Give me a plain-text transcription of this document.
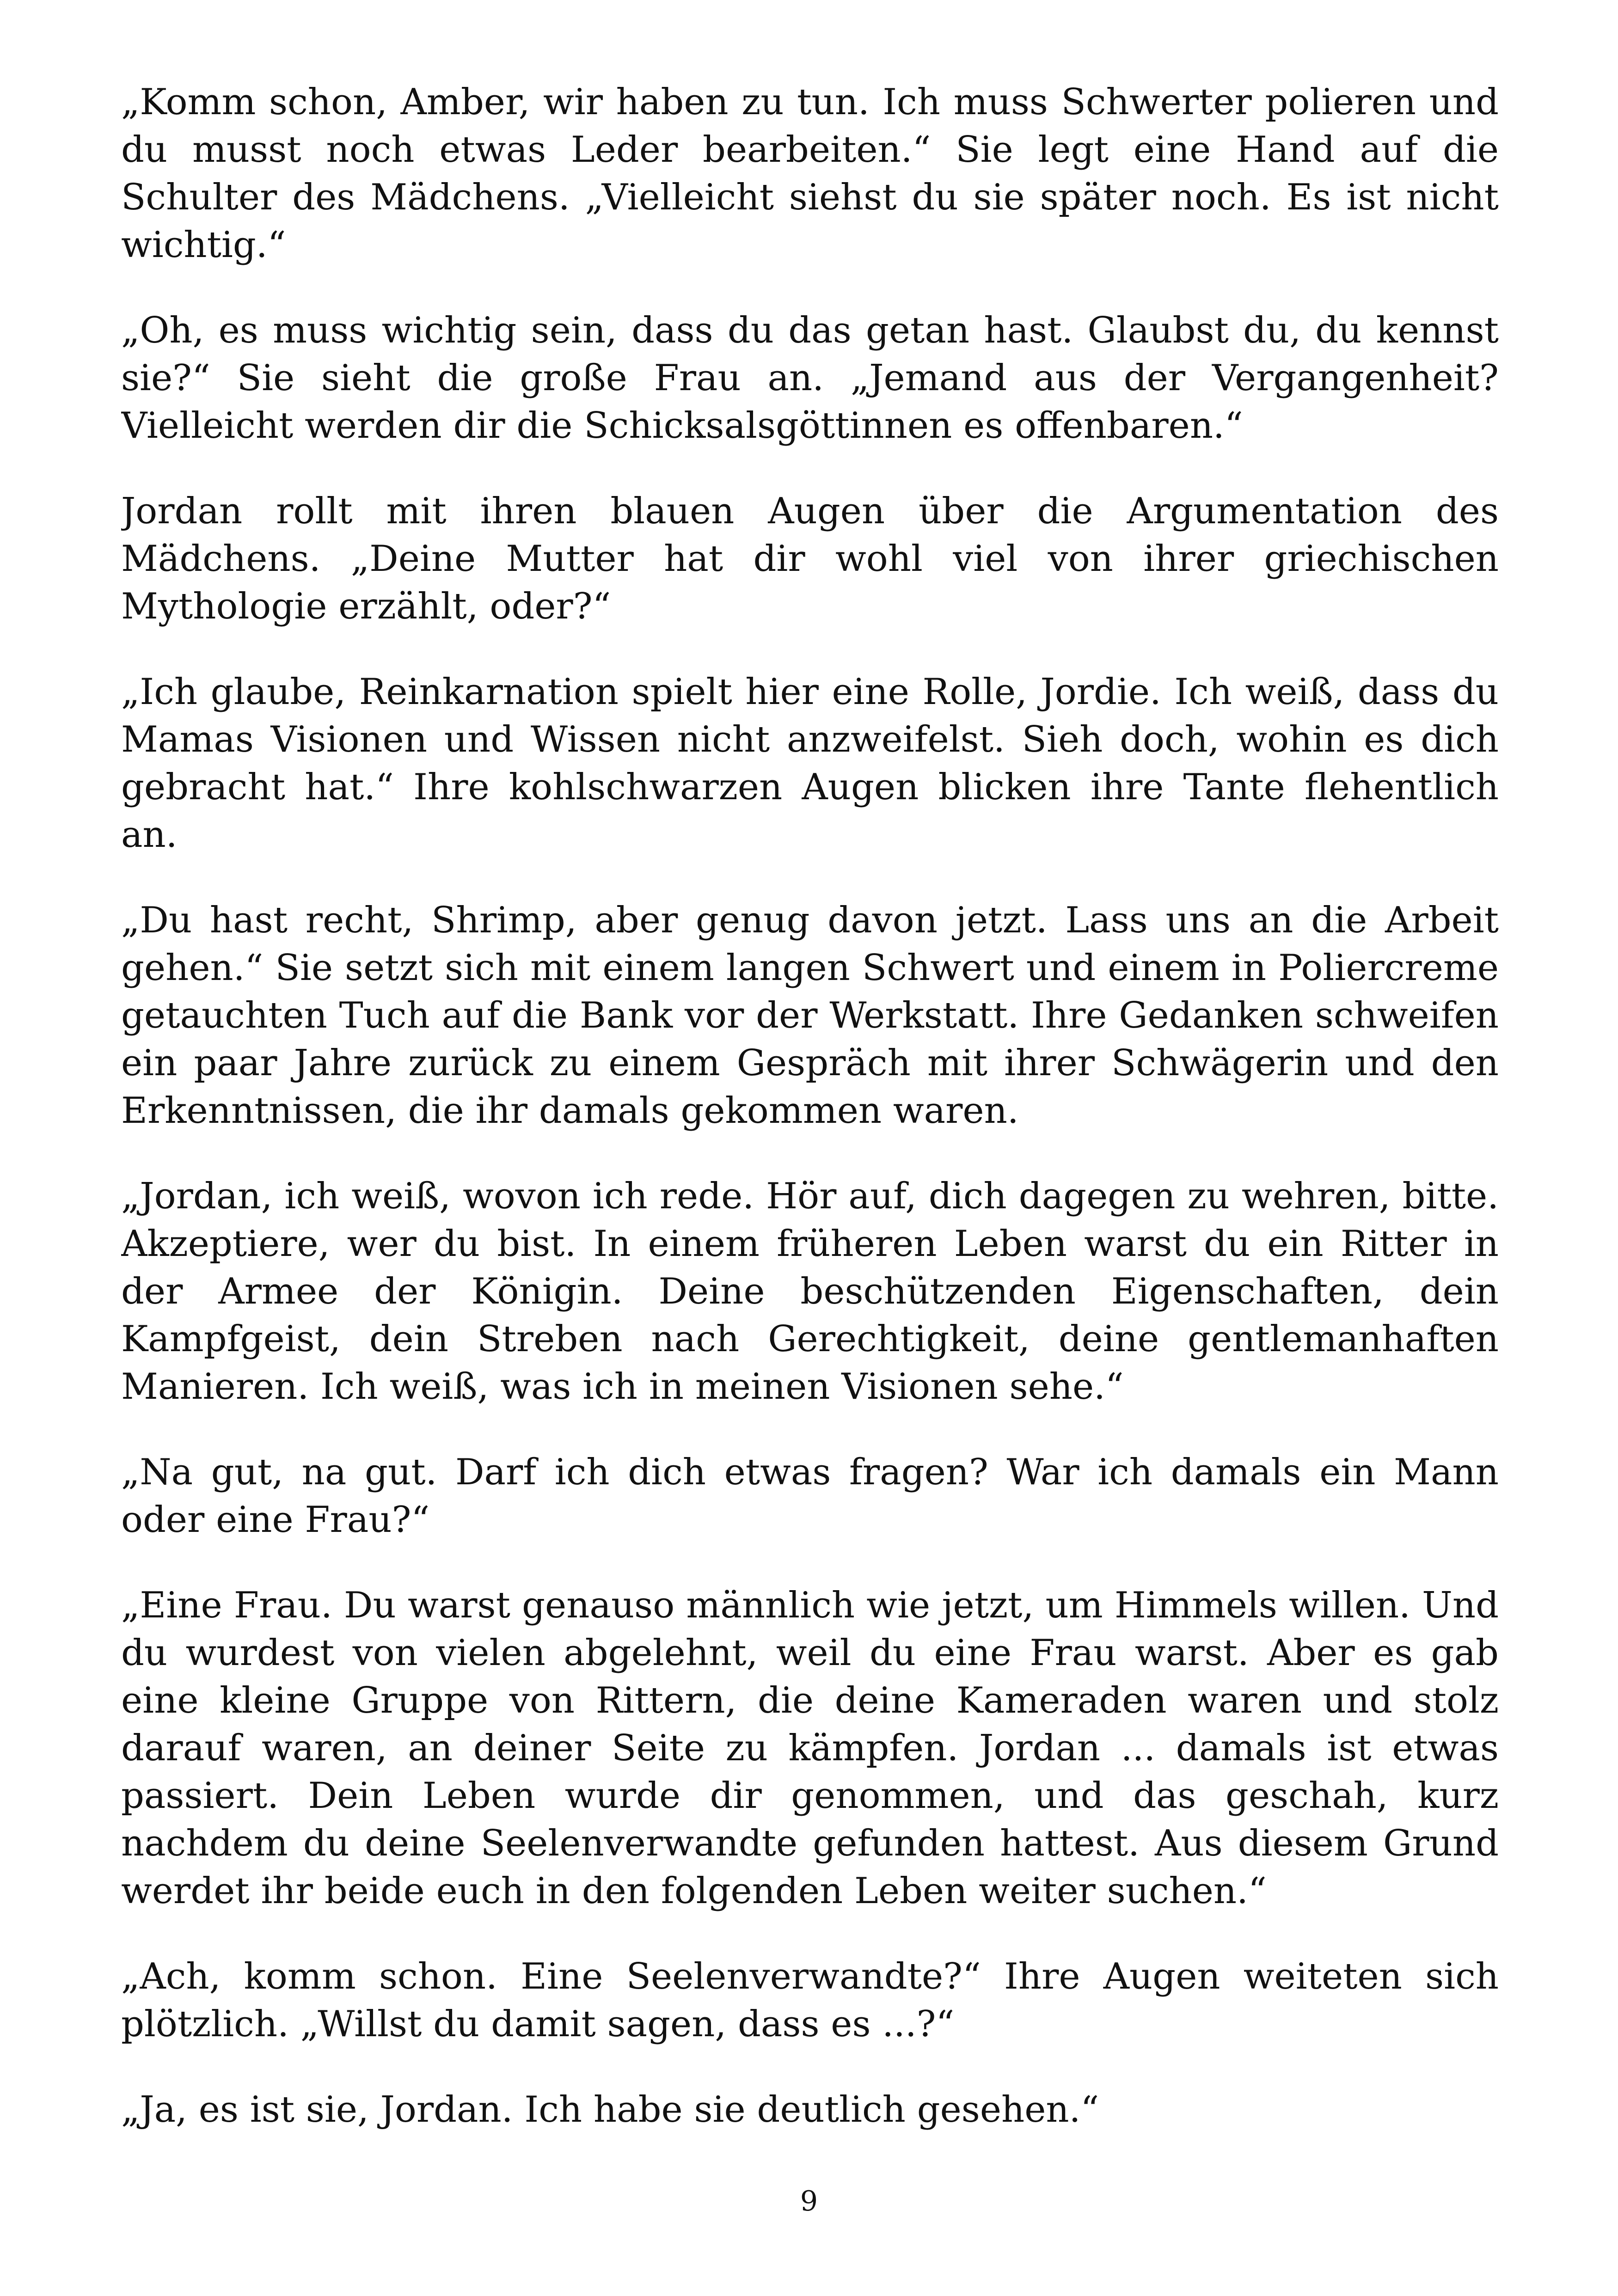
„Komm schon, Amber, wir haben zu tun. Ich muss Schwerter polieren und du musst noch etwas Leder bearbeiten.“ Sie legt eine Hand auf die Schulter des Mädchens. „Vielleicht siehst du sie später noch. Es ist nicht wichtig.“

„Oh, es muss wichtig sein, dass du das getan hast. Glaubst du, du kennst sie?“ Sie sieht die große Frau an. „Jemand aus der Vergangenheit? Vielleicht werden dir die Schicksalsgöttinnen es offenbaren.“

Jordan rollt mit ihren blauen Augen über die Argumentation des Mädchens. „Deine Mutter hat dir wohl viel von ihrer griechischen Mythologie erzählt, oder?“

„Ich glaube, Reinkarnation spielt hier eine Rolle, Jordie. Ich weiß, dass du Mamas Visionen und Wissen nicht anzweifelst. Sieh doch, wohin es dich gebracht hat.“ Ihre kohlschwarzen Augen blicken ihre Tante flehentlich an.

„Du hast recht, Shrimp, aber genug davon jetzt. Lass uns an die Arbeit gehen.“ Sie setzt sich mit einem langen Schwert und einem in Poliercreme getauchten Tuch auf die Bank vor der Werkstatt. Ihre Gedanken schweifen ein paar Jahre zurück zu einem Gespräch mit ihrer Schwägerin und den Erkenntnissen, die ihr damals gekommen waren.

„Jordan, ich weiß, wovon ich rede. Hör auf, dich dagegen zu wehren, bitte. Akzeptiere, wer du bist. In einem früheren Leben warst du ein Ritter in der Armee der Königin. Deine beschützenden Eigenschaften, dein Kampfgeist, dein Streben nach Gerechtigkeit, deine gentlemanhaften Manieren. Ich weiß, was ich in meinen Visionen sehe.“

„Na gut, na gut. Darf ich dich etwas fragen? War ich damals ein Mann oder eine Frau?“

„Eine Frau. Du warst genauso männlich wie jetzt, um Himmels willen. Und du wurdest von vielen abgelehnt, weil du eine Frau warst. Aber es gab eine kleine Gruppe von Rittern, die deine Kameraden waren und stolz darauf waren, an deiner Seite zu kämpfen. Jordan ... damals ist etwas passiert. Dein Leben wurde dir genommen, und das geschah, kurz nachdem du deine Seelenverwandte gefunden hattest. Aus diesem Grund werdet ihr beide euch in den folgenden Leben weiter suchen.“

„Ach, komm schon. Eine Seelenverwandte?“ Ihre Augen weiteten sich plötzlich. „Willst du damit sagen, dass es ...?“

„Ja, es ist sie, Jordan. Ich habe sie deutlich gesehen.“

9
